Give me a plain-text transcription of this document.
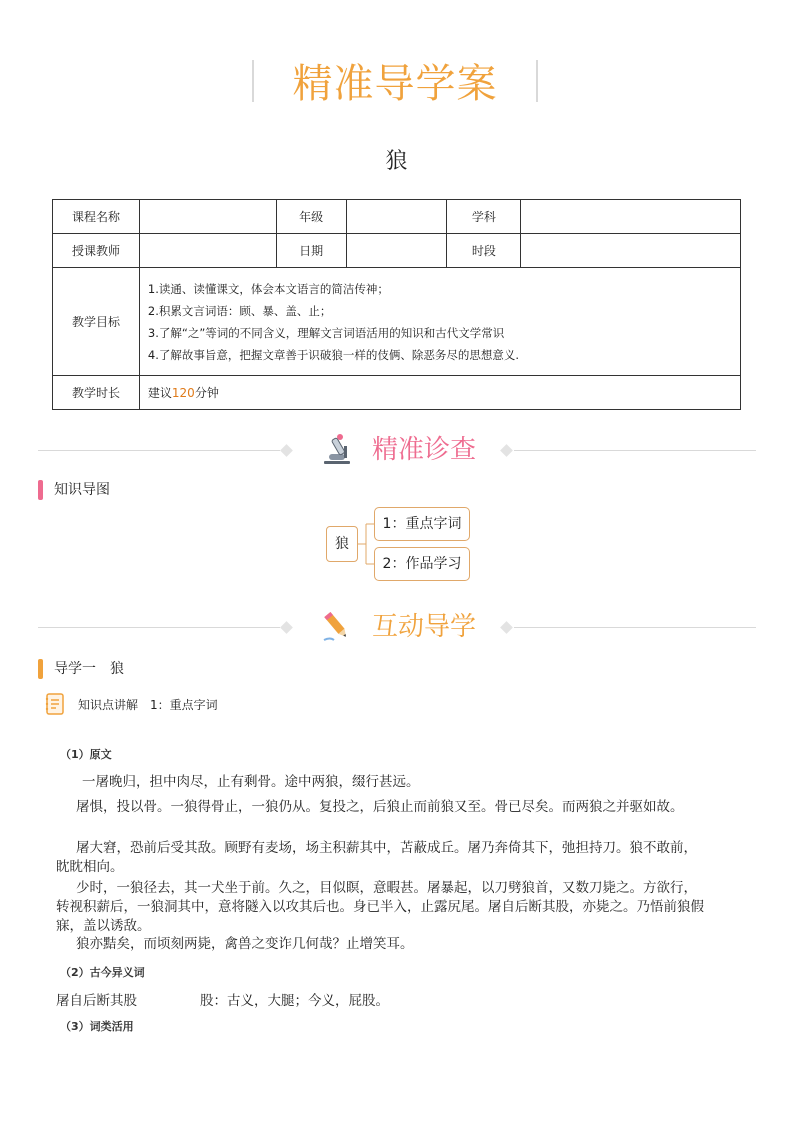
精准导学案
狼
课程名称		年级		学科	
授课教师		日期		时段	
教学目标	1.读通、读懂课文，体会本文语言的简洁传神；
2.积累文言词语：顾、暴、盖、止；
3.了解“之”等词的不同含义，理解文言词语活用的知识和古代文学常识
4.了解故事旨意，把握文章善于识破狼一样的伎俩、除恶务尽的思想意义.				

教学时长	建议120分钟				
精准诊查
知识导图
狼
1：重点字词
2：作品学习
互动导学
导学一　狼
知识点讲解　1：重点字词
（1）原文
一屠晚归，担中肉尽，止有剩骨。途中两狼，缀行甚远。
屠惧，投以骨。一狼得骨止，一狼仍从。复投之，后狼止而前狼又至。骨已尽矣。而两狼之并驱如故。
屠大窘，恐前后受其敌。顾野有麦场，场主积薪其中，苫蔽成丘。屠乃奔倚其下，弛担持刀。狼不敢前，眈眈相向。
少时，一狼径去，其一犬坐于前。久之，目似瞑，意暇甚。屠暴起，以刀劈狼首，又数刀毙之。方欲行，转视积薪后，一狼洞其中，意将隧入以攻其后也。身已半入，止露尻尾。屠自后断其股，亦毙之。乃悟前狼假寐，盖以诱敌。
狼亦黠矣，而顷刻两毙，禽兽之变诈几何哉？止增笑耳。
（2）古今异义词
屠自后断其股	股：古义，大腿；今义，屁股。
（3）词类活用
